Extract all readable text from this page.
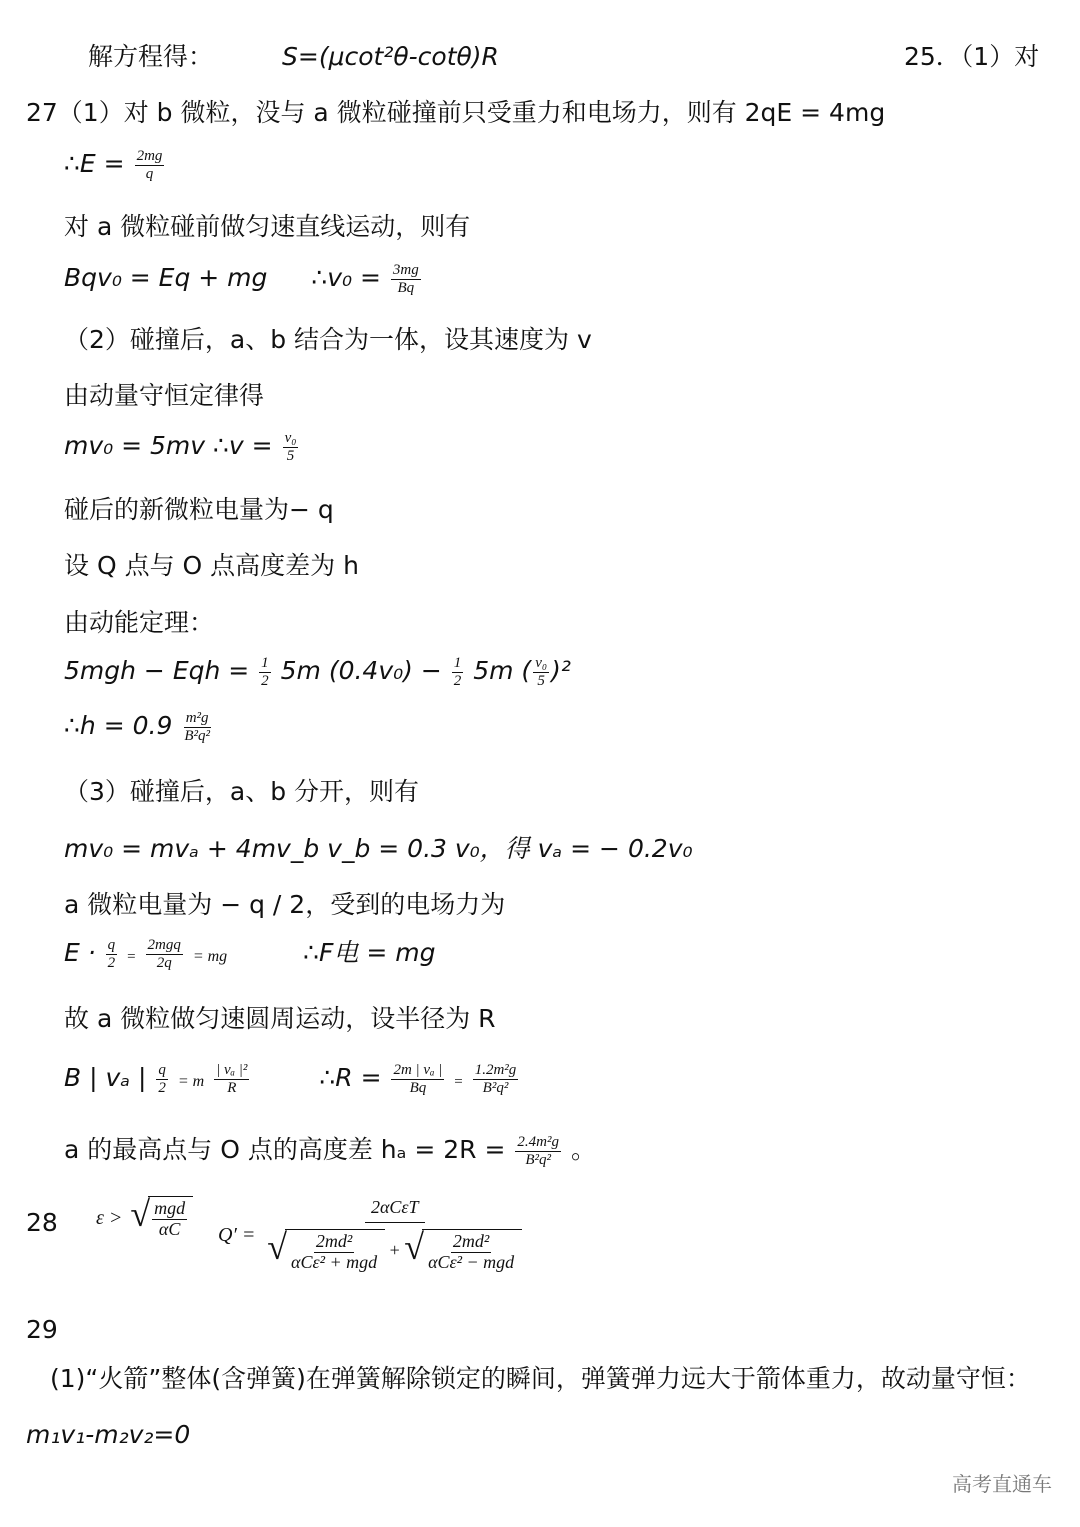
解方程得：	S=(μcot²θ-cotθ)R	25．（1）对
27（1）对 b 微粒，没与 a 微粒碰撞前只受重力和电场力，则有 2qE = 4mg
∴E = $\frac{2mg}{q}$
对 a 微粒碰前做匀速直线运动，则有
Bqv₀ = Eq + mg ∴v₀ = $\frac{3mg}{Bq}$
（2）碰撞后，a、b 结合为一体，设其速度为 v
由动量守恒定律得
mv₀ = 5mv ∴v = $\frac{\text{v₀}}{5}$
碰后的新微粒电量为− q
设 Q 点与 O 点高度差为 h
由动能定理：
5mgh − Eqh = $\frac{1}{2} 5m$ $(0.4v_0) - \frac{1}{2} 5m$ ( $\frac{\text{v₀}}{5} )^2$
∴h = $0.9 \frac{\text{m²g}}{\text{B²q²}}$
（3）碰撞后，a、b 分开，则有
mv₀ = mvₐ + 4mv_b v_b = 0.3 v₀，得 vₐ = − 0.2v₀
a 微粒电量为 − q / 2，受到的电场力为
$E \cdot \frac{q}{2} = \frac{\text{2mgq}}{2q}$ = mg	∴F电 = mg
故 a 微粒做匀速圆周运动，设半径为 R
B | vₐ | $\frac{q}{2} = m \frac{\text{| vₐ |²}}{R}$	∴R = $\frac{\text{2m | vₐ |}}{Bq} = \frac{\text{1.2m²g}}{\text{B²q²}}$
a 的最高点与 O 点的高度差 $h_a = 2R = \frac{\text{2.4m²g}}{\text{B²q²}}$ 。
28 ε > √ $\frac{\text{mgd}}{\alpha C} Q' = \frac{\text{2αCεT}}{√ \frac{\text{2md²}}{\text{αCε² + mgd}} + √ \frac{\text{2md²}}{\text{αCε² − mgd}}}$
29
(1)“火箭”整体(含弹簧)在弹簧解除锁定的瞬间，弹簧弹力远大于箭体重力，故动量守恒：
m₁v₁-m₂v₂=0
高考直通车
